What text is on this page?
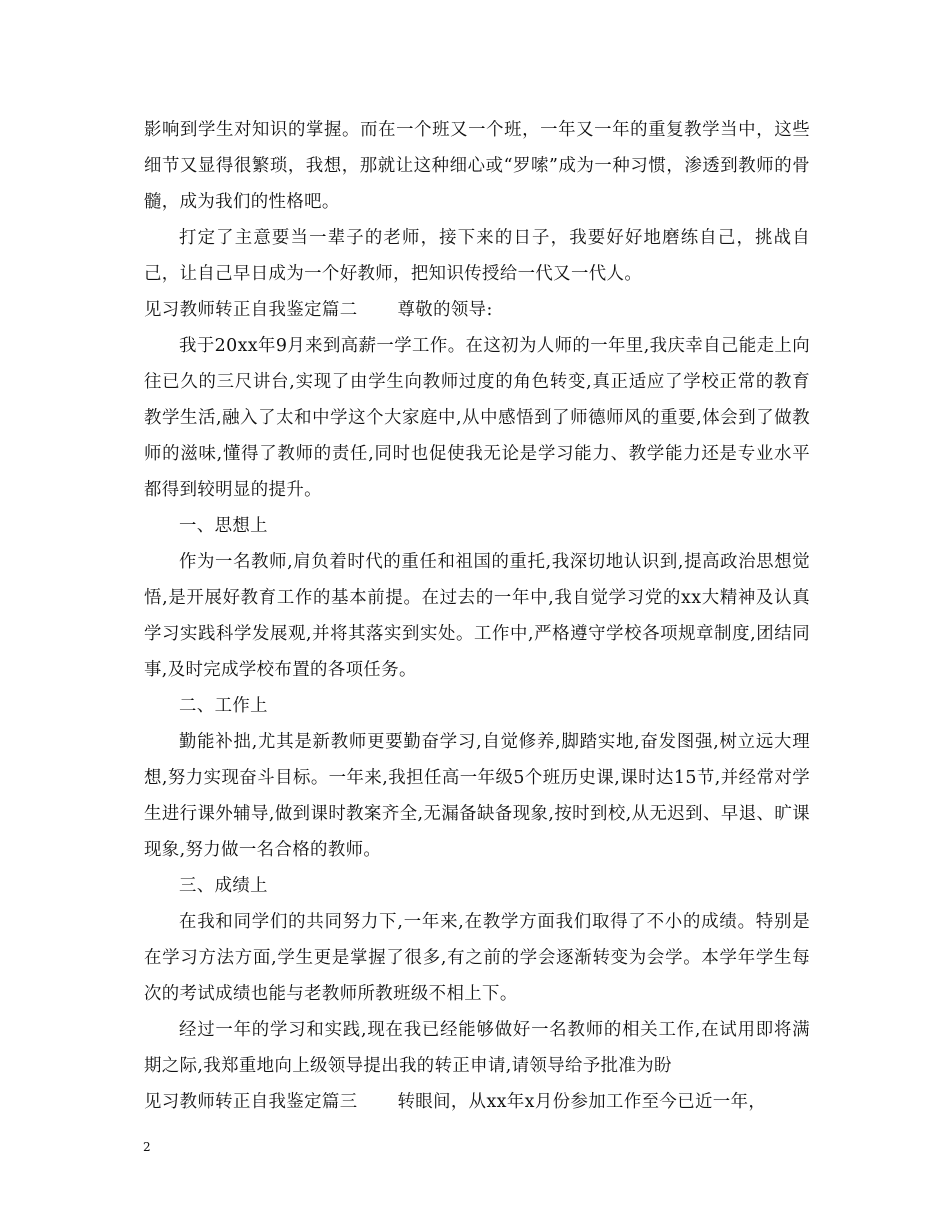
影响到学生对知识的掌握。而在一个班又一个班，一年又一年的重复教学当中，这些细节又显得很繁琐，我想，那就让这种细心或“罗嗦”成为一种习惯，渗透到教师的骨髓，成为我们的性格吧。

打定了主意要当一辈子的老师，接下来的日子，我要好好地磨练自己，挑战自己，让自己早日成为一个好教师，把知识传授给一代又一代人。

见习教师转正自我鉴定篇二 尊敬的领导:

我于20xx年9月来到高薪一学工作。在这初为人师的一年里,我庆幸自己能走上向往已久的三尺讲台,实现了由学生向教师过度的角色转变,真正适应了学校正常的教育教学生活,融入了太和中学这个大家庭中,从中感悟到了师德师风的重要,体会到了做教师的滋味,懂得了教师的责任,同时也促使我无论是学习能力、教学能力还是专业水平都得到较明显的提升。

一、思想上

作为一名教师,肩负着时代的重任和祖国的重托,我深切地认识到,提高政治思想觉悟,是开展好教育工作的基本前提。在过去的一年中,我自觉学习党的xx大精神及认真学习实践科学发展观,并将其落实到实处。工作中,严格遵守学校各项规章制度,团结同事,及时完成学校布置的各项任务。

二、工作上

勤能补拙,尤其是新教师更要勤奋学习,自觉修养,脚踏实地,奋发图强,树立远大理想,努力实现奋斗目标。一年来,我担任高一年级5个班历史课,课时达15节,并经常对学生进行课外辅导,做到课时教案齐全,无漏备缺备现象,按时到校,从无迟到、早退、旷课现象,努力做一名合格的教师。

三、成绩上

在我和同学们的共同努力下,一年来,在教学方面我们取得了不小的成绩。特别是在学习方法方面,学生更是掌握了很多,有之前的学会逐渐转变为会学。本学年学生每次的考试成绩也能与老教师所教班级不相上下。

经过一年的学习和实践,现在我已经能够做好一名教师的相关工作,在试用即将满期之际,我郑重地向上级领导提出我的转正申请,请领导给予批准为盼

见习教师转正自我鉴定篇三 转眼间，从xx年x月份参加工作至今已近一年，

2
